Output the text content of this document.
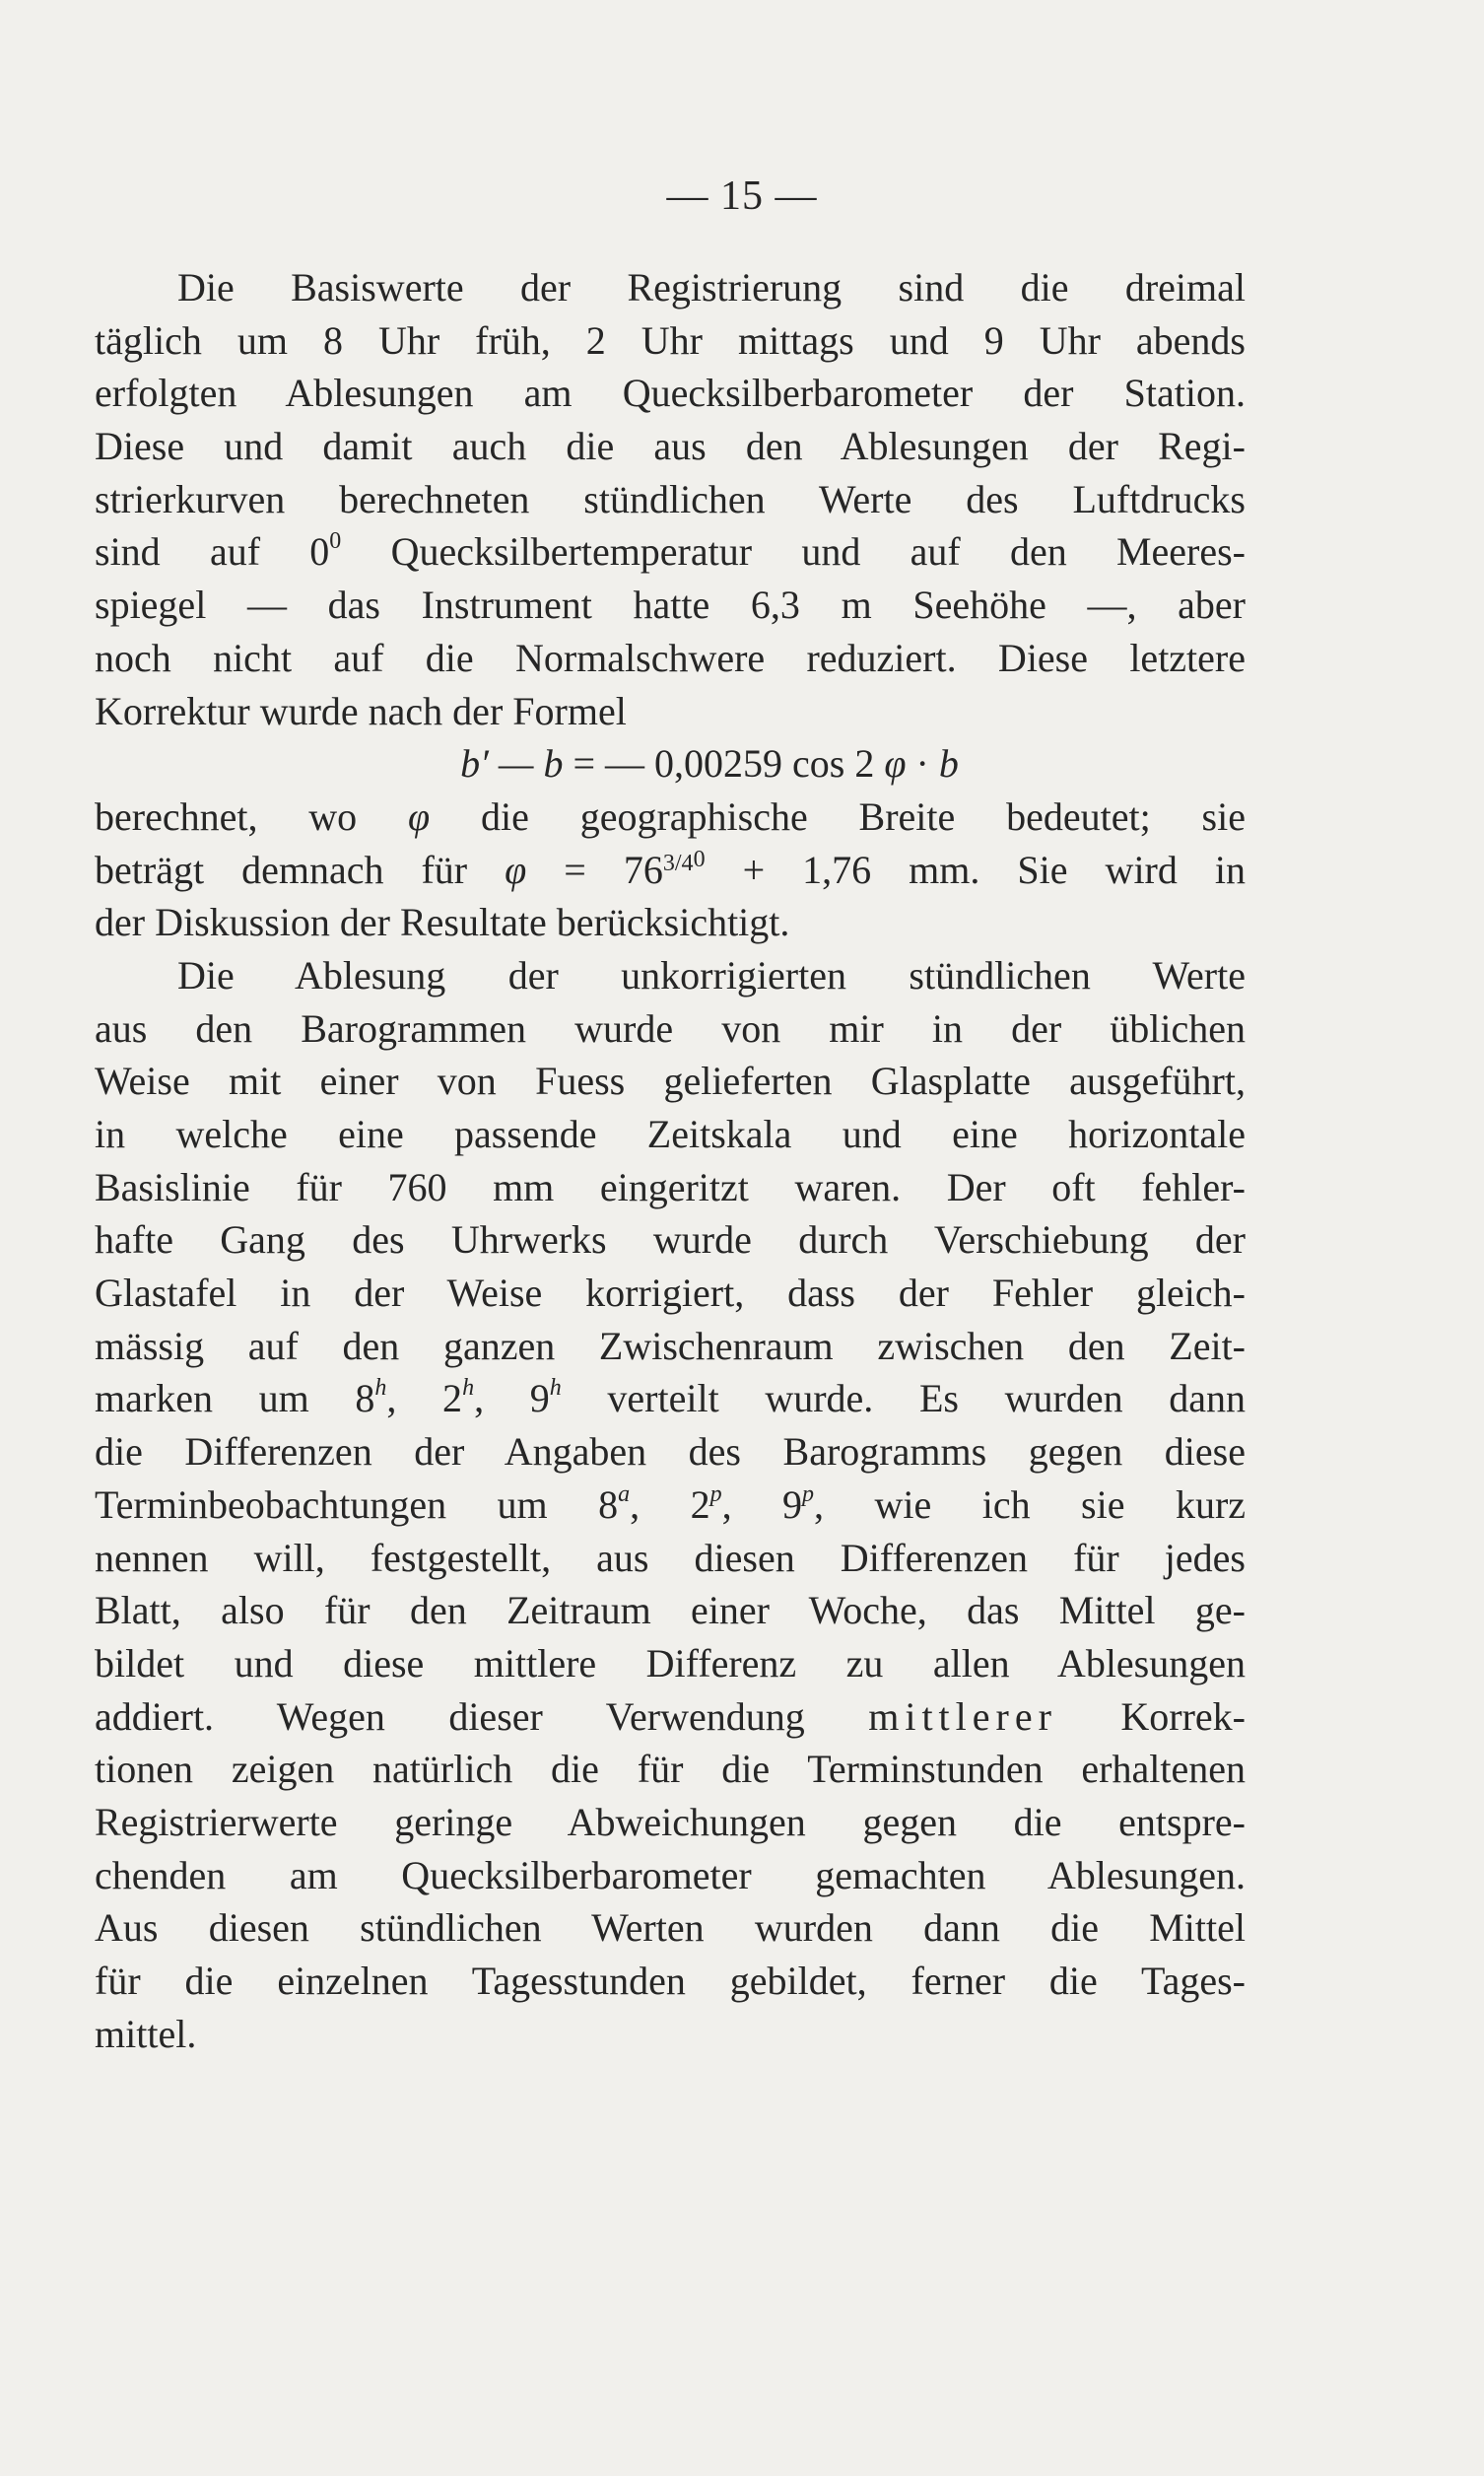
— 15 —
Die Basiswerte der Registrierung sind die dreimal
täglich um 8 Uhr früh, 2 Uhr mittags und 9 Uhr abends
erfolgten Ablesungen am Quecksilberbarometer der Station.
Diese und damit auch die aus den Ablesungen der Regi-
strierkurven berechneten stündlichen Werte des Luftdrucks
sind auf $0^0$ Quecksilbertemperatur und auf den Meeres-
spiegel — das Instrument hatte 6,3 m Seehöhe —, aber
noch nicht auf die Normalschwere reduziert. Diese letztere
Korrektur wurde nach der Formel
b′ — b = — 0,00259 cos 2 φ · b
berechnet, wo φ die geographische Breite bedeutet; sie
beträgt demnach für $\varphi = 76^{3/40} + 1,76$ mm. Sie wird in
der Diskussion der Resultate berücksichtigt.
Die Ablesung der unkorrigierten stündlichen Werte
aus den Barogrammen wurde von mir in der üblichen
Weise mit einer von Fuess gelieferten Glasplatte ausgeführt,
in welche eine passende Zeitskala und eine horizontale
Basislinie für 760 mm eingeritzt waren. Der oft fehler-
hafte Gang des Uhrwerks wurde durch Verschiebung der
Glastafel in der Weise korrigiert, dass der Fehler gleich-
mässig auf den ganzen Zwischenraum zwischen den Zeit-
marken um 8$^h$, 2$^h$, 9$^h$ verteilt wurde. Es wurden dann
die Differenzen der Angaben des Barogramms gegen diese
Terminbeobachtungen um 8$^a$, 2$^p$, 9$^p$, wie ich sie kurz
nennen will, festgestellt, aus diesen Differenzen für jedes
Blatt, also für den Zeitraum einer Woche, das Mittel ge-
bildet und diese mittlere Differenz zu allen Ablesungen
addiert. Wegen dieser Verwendung mittlerer Korrek-
tionen zeigen natürlich die für die Terminstunden erhaltenen
Registrierwerte geringe Abweichungen gegen die entspre-
chenden am Quecksilberbarometer gemachten Ablesungen.
Aus diesen stündlichen Werten wurden dann die Mittel
für die einzelnen Tagesstunden gebildet, ferner die Tages-
mittel.
